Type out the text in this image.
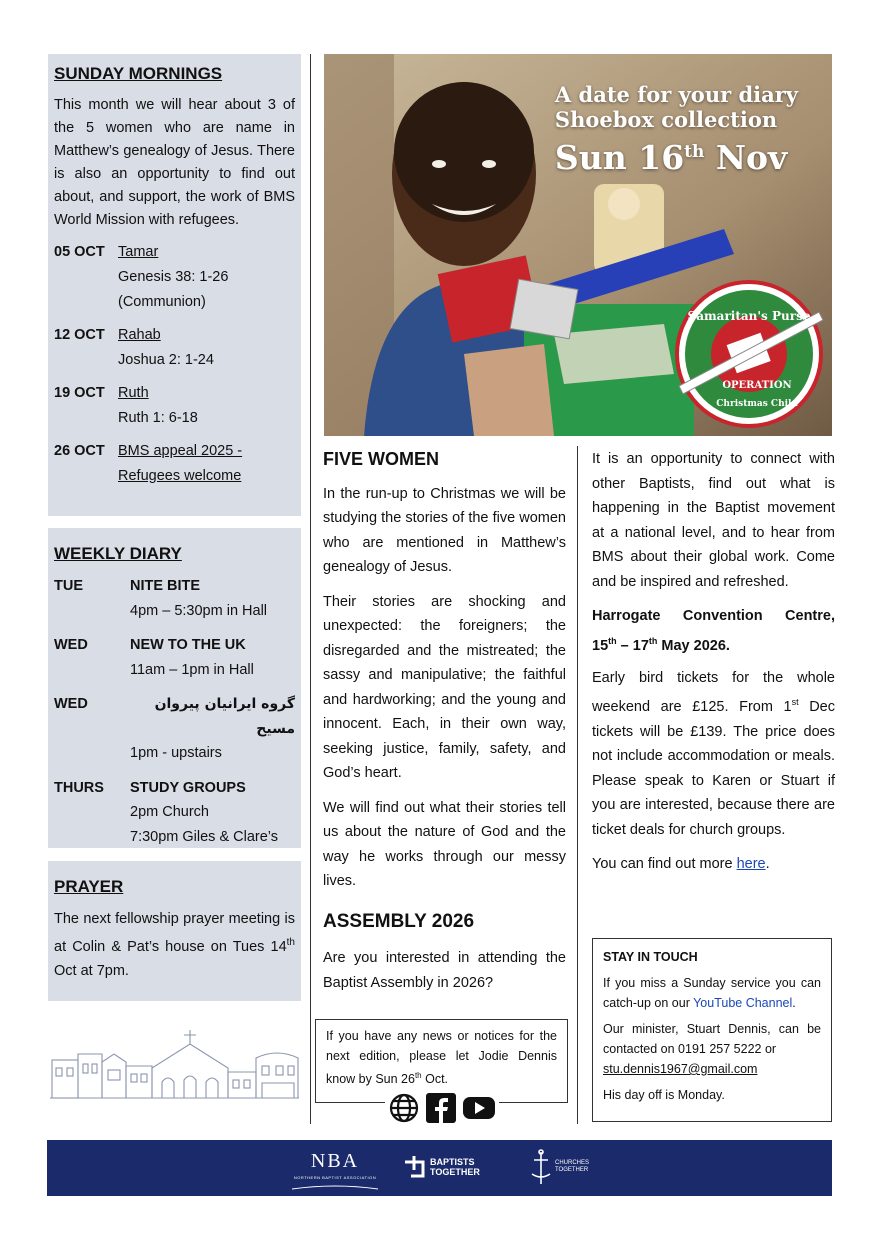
SUNDAY MORNINGS

This month we will hear about 3 of the 5 women who are name in Matthew’s genealogy of Jesus. There is also an opportunity to find out about, and support, the work of BMS World Mission with refugees.

05 OCT Tamar
Genesis 38: 1-26
(Communion)
12 OCT Rahab
Joshua 2: 1-24
19 OCT Ruth
Ruth 1: 6-18
26 OCT BMS appeal 2025 -
Refugees welcome
WEEKLY DIARY
TUE	NITE BITE
4pm – 5:30pm in Hall
WED	NEW TO THE UK
11am – 1pm in Hall
WED	گروه ایرانیان پیروان مسیح
1pm - upstairs
THURS	STUDY GROUPS
2pm Church
7:30pm Giles & Clare’s
PRAYER

The next fellowship prayer meeting is at Colin & Pat’s house on Tues 14th Oct at 7pm.

Samaritan's Purse
OPERATION
Christmas Child
A date for your diary
Shoebox collection
Sun 16th Nov
FIVE WOMEN

In the run-up to Christmas we will be studying the stories of the five women who are mentioned in Matthew’s genealogy of Jesus.

Their stories are shocking and unexpected: the foreigners; the disregarded and the mistreated; the sassy and manipulative; the faithful and hardworking; and the young and innocent. Each, in their own way, seeking justice, family, safety, and God’s heart.

We will find out what their stories tell us about the nature of God and the way he works through our messy lives.

ASSEMBLY 2026

Are you interested in attending the Baptist Assembly in 2026?

If you have any news or notices for the next edition, please let Jodie Dennis know by Sun 26th Oct.

It is an opportunity to connect with other Baptists, find out what is happening in the Baptist movement at a national level, and to hear from BMS about their global work. Come and be inspired and refreshed.

Harrogate Convention Centre,
15th – 17th May 2026.

Early bird tickets for the whole weekend are £125. From 1st Dec tickets will be £139. The price does not include accommodation or meals. Please speak to Karen or Stuart if you are interested, because there are ticket deals for church groups.

You can find out more here.

STAY IN TOUCH

If you miss a Sunday service you can catch-up on our YouTube Channel.

Our minister, Stuart Dennis, can be contacted on 0191 257 5222 or

stu.dennis1967@gmail.com

His day off is Monday.

NBA
NORTHERN BAPTIST ASSOCIATION
BAPTISTS
TOGETHER
CHURCHES
TOGETHER
